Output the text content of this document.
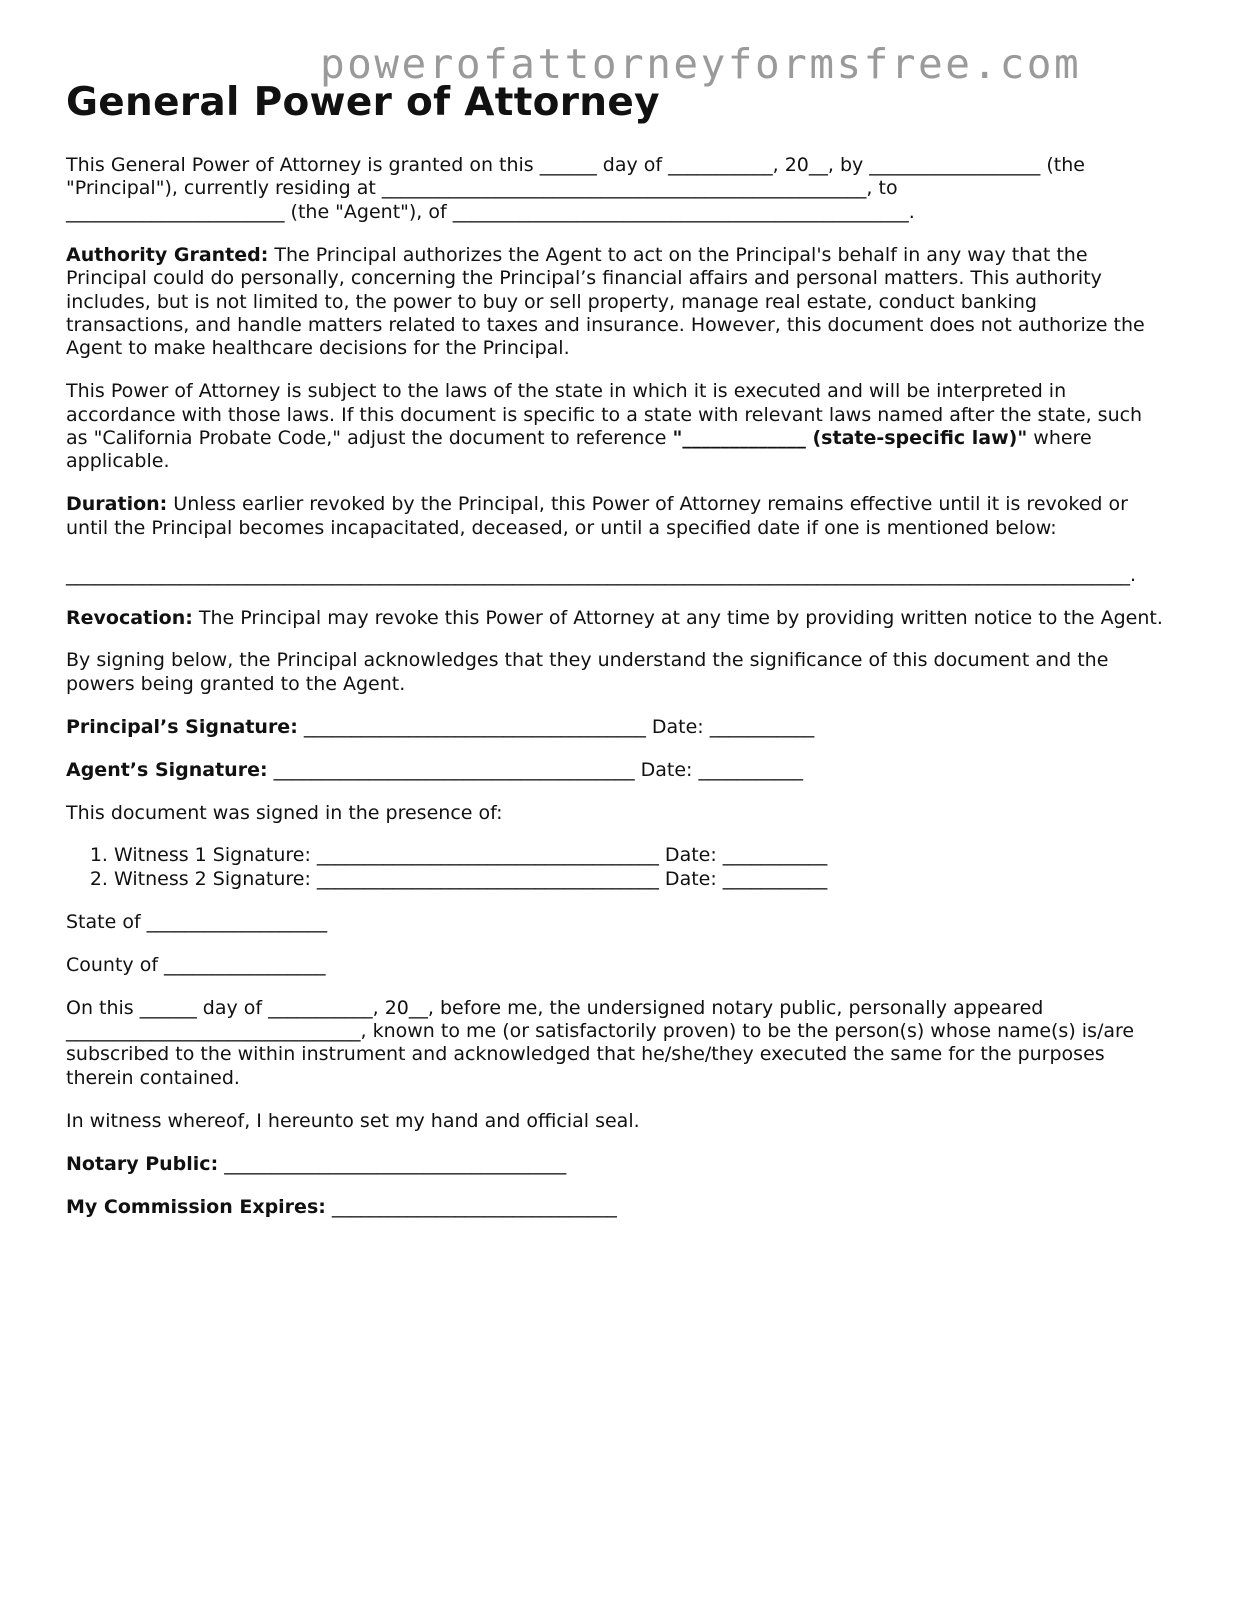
powerofattorneyformsfree.com
General Power of Attorney

This General Power of Attorney is granted on this ______ day of ___________, 20__, by __________________ (the
"Principal"), currently residing at ___________________________________________________, to
_______________________ (the "Agent"), of ________________________________________________.

Authority Granted: The Principal authorizes the Agent to act on the Principal's behalf in any way that the Principal could do personally, concerning the Principal’s financial affairs and personal matters. This authority includes, but is not limited to, the power to buy or sell property, manage real estate, conduct banking transactions, and handle matters related to taxes and insurance. However, this document does not authorize the Agent to make healthcare decisions for the Principal.

This Power of Attorney is subject to the laws of the state in which it is executed and will be interpreted in accordance with those laws. If this document is specific to a state with relevant laws named after the state, such as "California Probate Code," adjust the document to reference "_____________ (state-specific law)" where applicable.

Duration: Unless earlier revoked by the Principal, this Power of Attorney remains effective until it is revoked or until the Principal becomes incapacitated, deceased, or until a specified date if one is mentioned below:

________________________________________________________________________________________________________________.

Revocation: The Principal may revoke this Power of Attorney at any time by providing written notice to the Agent.

By signing below, the Principal acknowledges that they understand the significance of this document and the powers being granted to the Agent.

Principal’s Signature: ____________________________________ Date: ___________

Agent’s Signature: ______________________________________ Date: ___________

This document was signed in the presence of:

1. Witness 1 Signature: ____________________________________ Date: ___________
2. Witness 2 Signature: ____________________________________ Date: ___________

State of ___________________

County of _________________

On this ______ day of ___________, 20__, before me, the undersigned notary public, personally appeared
_______________________________, known to me (or satisfactorily proven) to be the person(s) whose name(s) is/are subscribed to the within instrument and acknowledged that he/she/they executed the same for the purposes therein contained.

In witness whereof, I hereunto set my hand and official seal.

Notary Public: ____________________________________

My Commission Expires: ______________________________
